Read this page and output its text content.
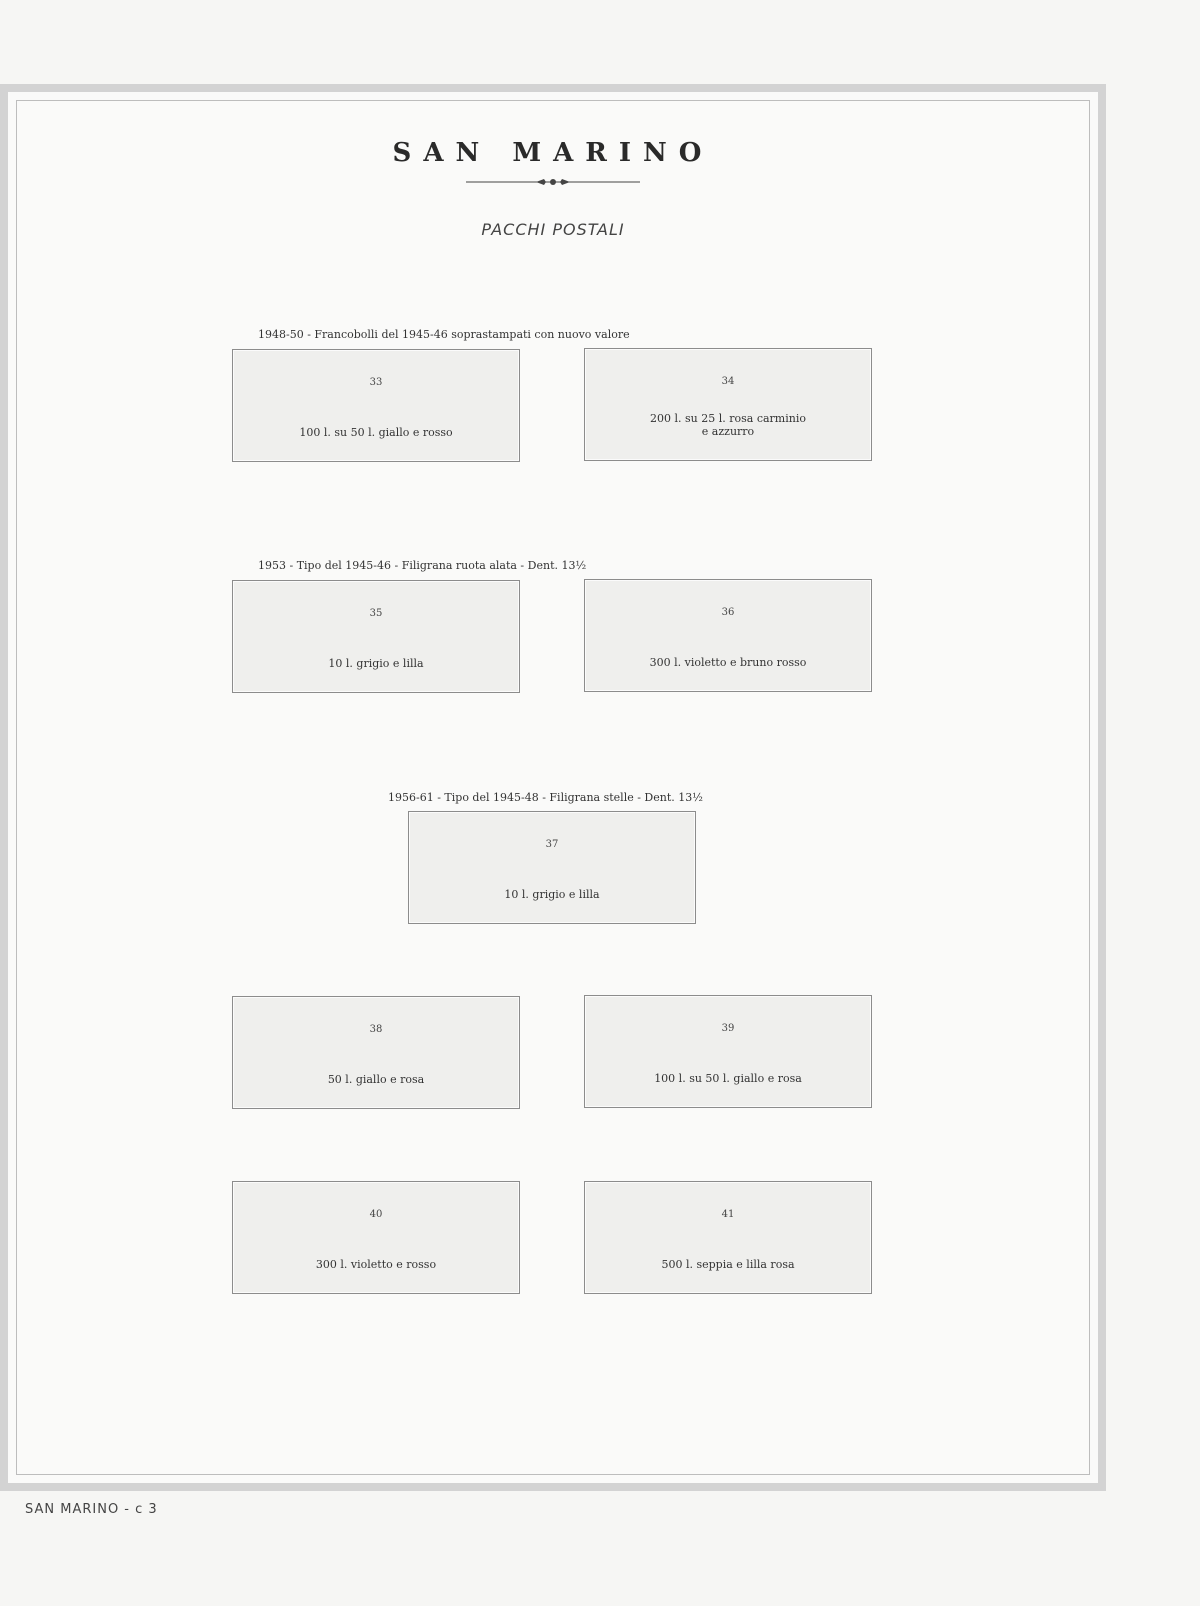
SAN MARINO
PACCHI POSTALI
1948-50 - Francobolli del 1945-46 soprastampati con nuovo valore
33
100 l. su 50 l. giallo e rosso
34
200 l. su 25 l. rosa carminio
e azzurro
1953 - Tipo del 1945-46 - Filigrana ruota alata - Dent. 13½
35
10 l. grigio e lilla
36
300 l. violetto e bruno rosso
1956-61 - Tipo del 1945-48 - Filigrana stelle - Dent. 13½
37
10 l. grigio e lilla
38
50 l. giallo e rosa
39
100 l. su 50 l. giallo e rosa
40
300 l. violetto e rosso
41
500 l. seppia e lilla rosa
SAN MARINO - c 3
